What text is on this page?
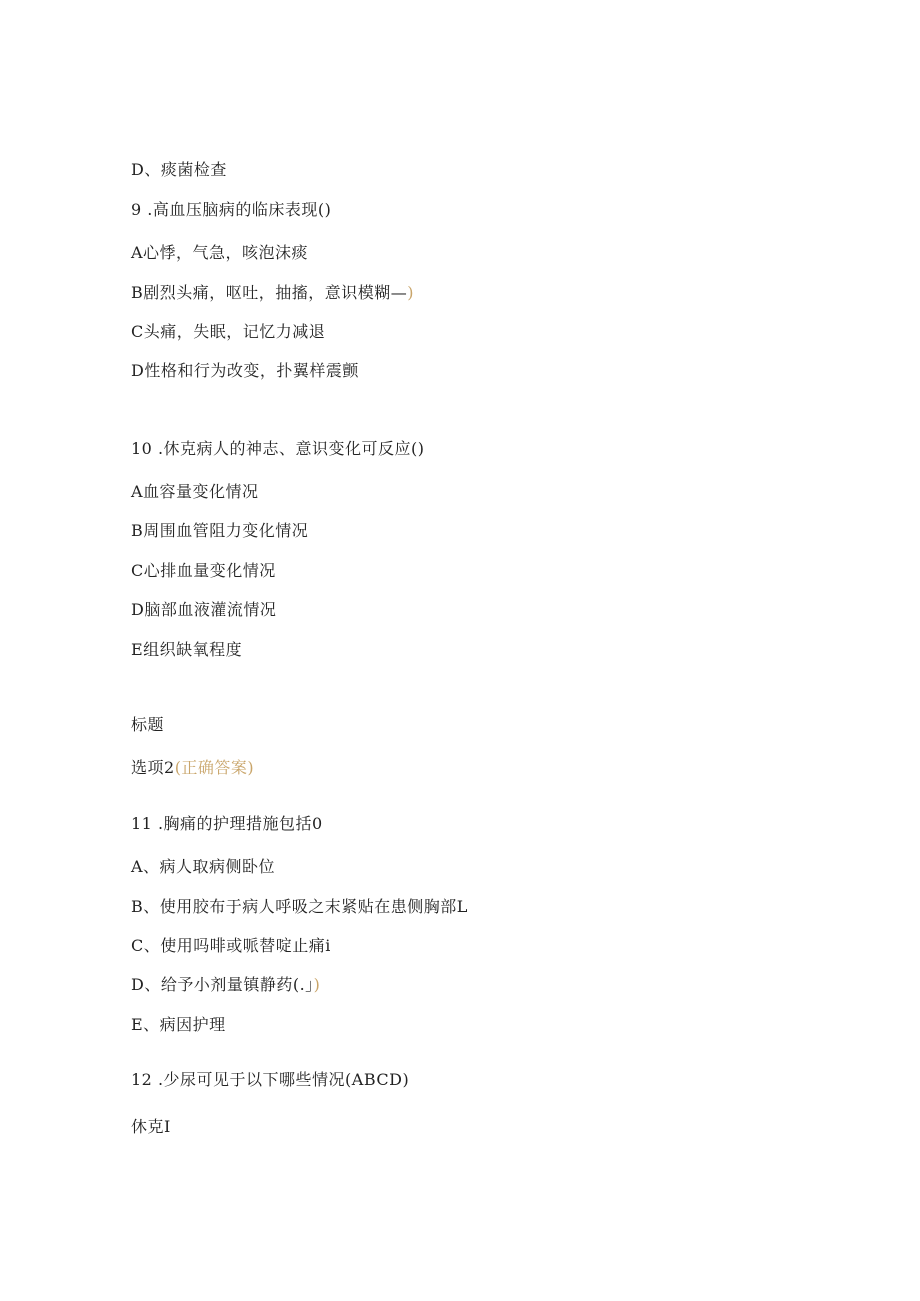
D、痰菌检查
9 .高血压脑病的临床表现()
A心悸，气急，咳泡沫痰
B剧烈头痛，呕吐，抽搐，意识模糊—)
C头痛，失眠，记忆力减退
D性格和行为改变，扑翼样震颤
10 .休克病人的神志、意识变化可反应()
A血容量变化情况
B周围血管阻力变化情况
C心排血量变化情况
D脑部血液灌流情况
E组织缺氧程度
标题
选项2(正确答案)
11 .胸痛的护理措施包括0
A、病人取病侧卧位
B、使用胶布于病人呼吸之末紧贴在患侧胸部L
C、使用吗啡或哌替啶止痛i
D、给予小剂量镇静药(.」)
E、病因护理
12 .少尿可见于以下哪些情况(ABCD)
休克I
